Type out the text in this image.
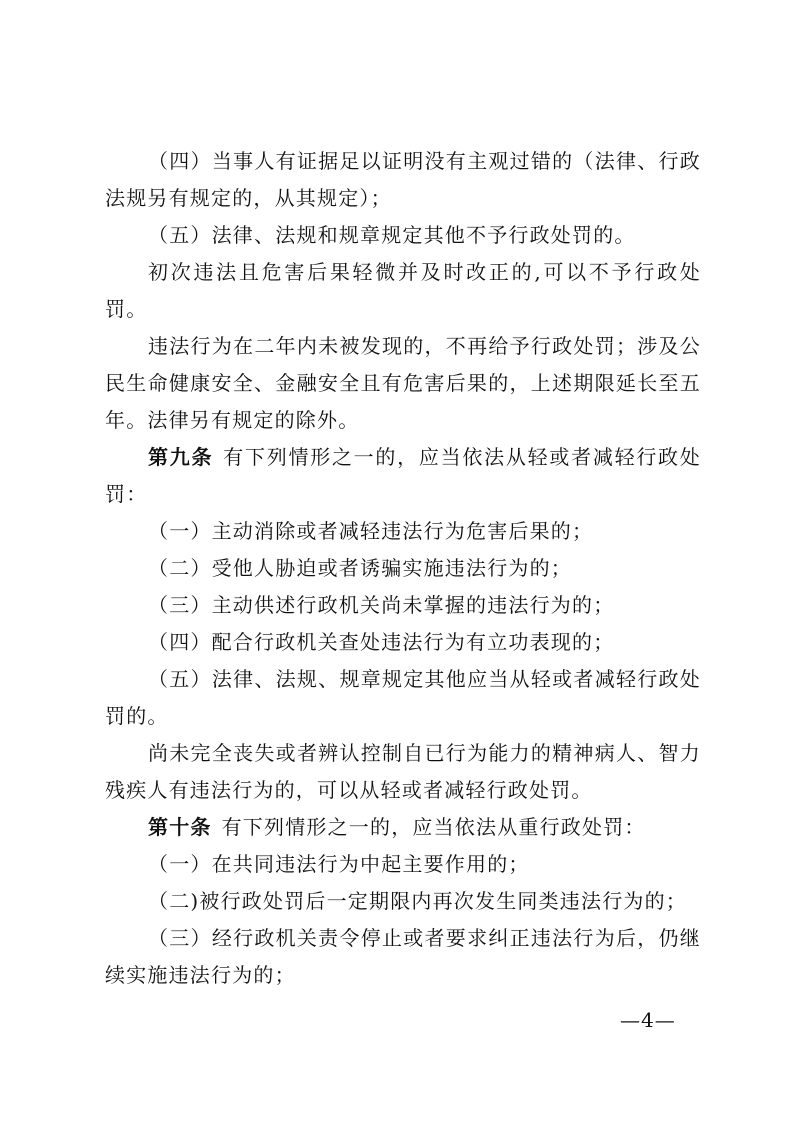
（四）当事人有证据足以证明没有主观过错的（法律、行政法规另有规定的，从其规定）；

（五）法律、法规和规章规定其他不予行政处罚的。

初次违法且危害后果轻微并及时改正的,可以不予行政处罚。

违法行为在二年内未被发现的，不再给予行政处罚；涉及公民生命健康安全、金融安全且有危害后果的，上述期限延长至五年。法律另有规定的除外。

第九条 有下列情形之一的，应当依法从轻或者减轻行政处罚：

（一）主动消除或者减轻违法行为危害后果的；

（二）受他人胁迫或者诱骗实施违法行为的；

（三）主动供述行政机关尚未掌握的违法行为的；

（四）配合行政机关查处违法行为有立功表现的；

（五）法律、法规、规章规定其他应当从轻或者减轻行政处罚的。

尚未完全丧失或者辨认控制自已行为能力的精神病人、智力残疾人有违法行为的，可以从轻或者减轻行政处罚。

第十条 有下列情形之一的，应当依法从重行政处罚：

（一）在共同违法行为中起主要作用的；

（二)被行政处罚后一定期限内再次发生同类违法行为的；

（三）经行政机关责令停止或者要求纠正违法行为后，仍继续实施违法行为的；

—4—
